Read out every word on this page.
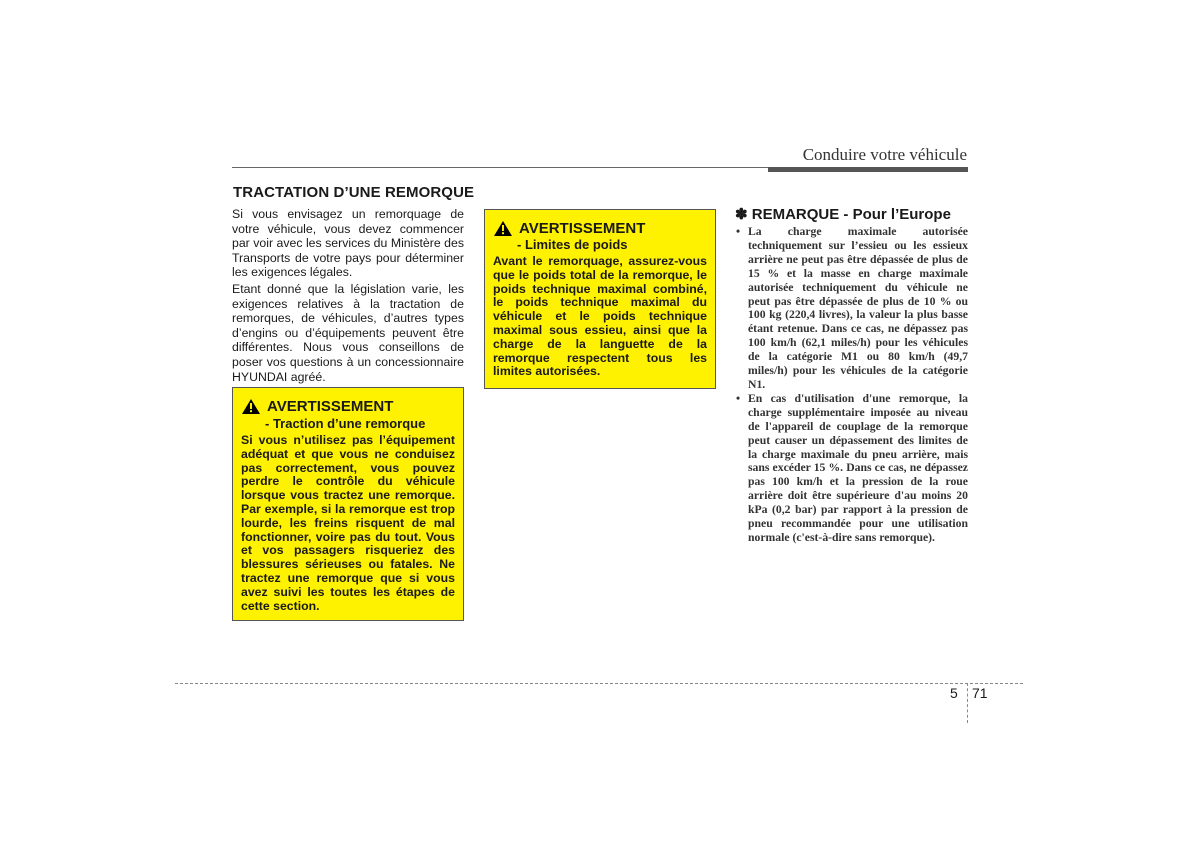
Conduire votre véhicule
TRACTATION D’UNE REMORQUE

Si vous envisagez un remorquage de votre véhicule, vous devez commencer par voir avec les services du Ministère des Transports de votre pays pour déterminer les exigences légales.

Etant donné que la législation varie, les exigences relatives à la tractation de remorques, de véhicules, d’autres types d’engins ou d’équipements peuvent être différentes. Nous vous conseillons de poser vos questions à un concessionnaire HYUNDAI agréé.

AVERTISSEMENT
- Traction d’une remorque
Si vous n’utilisez pas l’équipement adéquat et que vous ne conduisez pas correctement, vous pouvez perdre le contrôle du véhicule lorsque vous tractez une remorque. Par exemple, si la remorque est trop lourde, les freins risquent de mal fonctionner, voire pas du tout. Vous et vos passagers risqueriez des blessures sérieuses ou fatales. Ne tractez une remorque que si vous avez suivi les toutes les étapes de cette section.
AVERTISSEMENT
- Limites de poids
Avant le remorquage, assurez-vous que le poids total de la remorque, le poids technique maximal combiné, le poids technique maximal du véhicule et le poids technique maximal sous essieu, ainsi que la charge de la languette de la remorque respectent tous les limites autorisées.
✽ REMARQUE - Pour l’Europe
• La charge maximale autorisée techniquement sur l’essieu ou les essieux arrière ne peut pas être dépassée de plus de 15 % et la masse en charge maximale autorisée techniquement du véhicule ne peut pas être dépassée de plus de 10 % ou 100 kg (220,4 livres), la valeur la plus basse étant retenue. Dans ce cas, ne dépassez pas 100 km/h (62,1 miles/h) pour les véhicules de la catégorie M1 ou 80 km/h (49,7 miles/h) pour les véhicules de la catégorie N1.
• En cas d'utilisation d'une remorque, la charge supplémentaire imposée au niveau de l'appareil de couplage de la remorque peut causer un dépassement des limites de la charge maximale du pneu arrière, mais sans excéder 15 %. Dans ce cas, ne dépassez pas 100 km/h et la pression de la roue arrière doit être supérieure d'au moins 20 kPa (0,2 bar) par rapport à la pression de pneu recommandée pour une utilisation normale (c'est-à-dire sans remorque).
5 71
